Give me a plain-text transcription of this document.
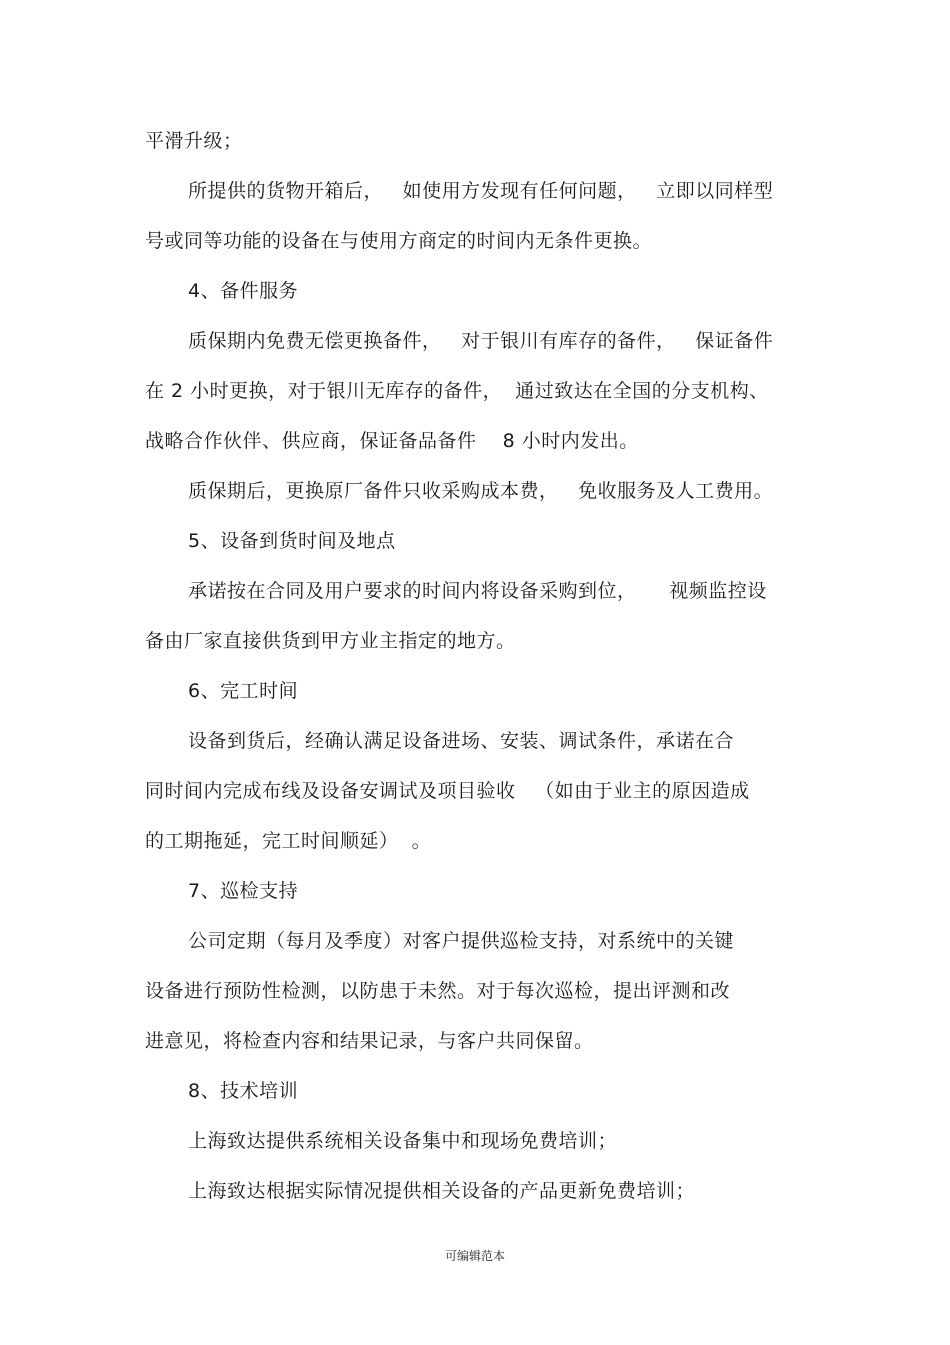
平滑升级；
所提供的货物开箱后，   如使用方发现有任何问题，   立即以同样型
号或同等功能的设备在与使用方商定的时间内无条件更换。
4、备件服务
质保期内免费无偿更换备件，   对于银川有库存的备件，   保证备件
在 2 小时更换，对于银川无库存的备件，  通过致达在全国的分支机构、
战略合作伙伴、供应商，保证备品备件    8 小时内发出。
质保期后，更换原厂备件只收采购成本费，   免收服务及人工费用。
5、设备到货时间及地点
承诺按在合同及用户要求的时间内将设备采购到位，     视频监控设
备由厂家直接供货到甲方业主指定的地方。
6、完工时间
设备到货后，经确认满足设备进场、安装、调试条件，承诺在合
同时间内完成布线及设备安调试及项目验收   （如由于业主的原因造成
的工期拖延，完工时间顺延）  。
7、巡检支持
公司定期（每月及季度）对客户提供巡检支持，对系统中的关键
设备进行预防性检测，以防患于未然。对于每次巡检，提出评测和改
进意见，将检查内容和结果记录，与客户共同保留。
8、技术培训
上海致达提供系统相关设备集中和现场免费培训；
上海致达根据实际情况提供相关设备的产品更新免费培训；
可编辑范本
